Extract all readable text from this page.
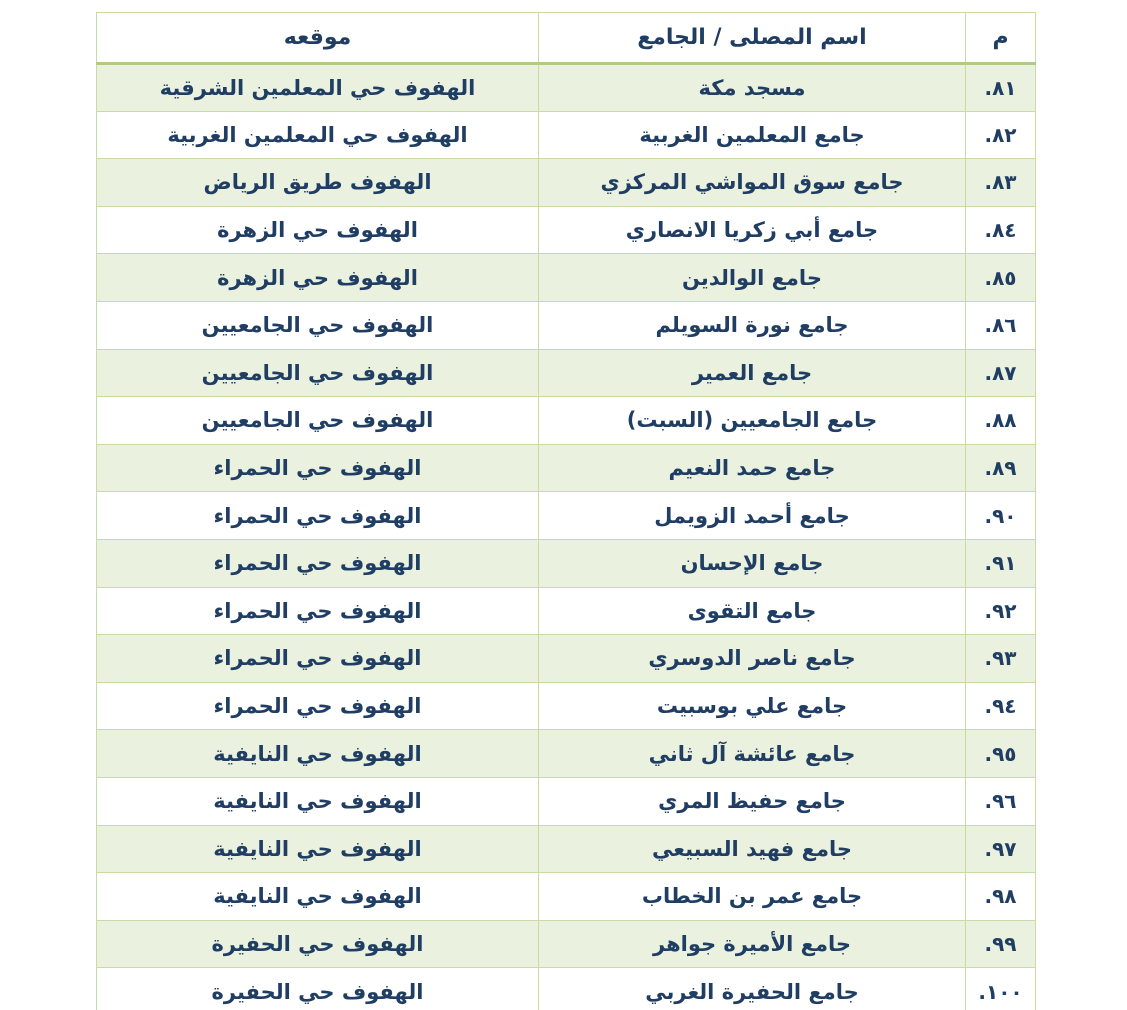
م	اسم المصلى / الجامع	موقعه
٨١.	مسجد مكة	الهفوف حي المعلمين الشرقية
٨٢.	جامع المعلمين الغربية	الهفوف حي المعلمين الغربية
٨٣.	جامع سوق المواشي المركزي	الهفوف طريق الرياض
٨٤.	جامع أبي زكريا الانصاري	الهفوف حي الزهرة
٨٥.	جامع الوالدين	الهفوف حي الزهرة
٨٦.	جامع نورة السويلم	الهفوف حي الجامعيين
٨٧.	جامع العمير	الهفوف حي الجامعيين
٨٨.	جامع الجامعيين (السبت)	الهفوف حي الجامعيين
٨٩.	جامع حمد النعيم	الهفوف حي الحمراء
٩٠.	جامع أحمد الزويمل	الهفوف حي الحمراء
٩١.	جامع الإحسان	الهفوف حي الحمراء
٩٢.	جامع التقوى	الهفوف حي الحمراء
٩٣.	جامع ناصر الدوسري	الهفوف حي الحمراء
٩٤.	جامع علي بوسبيت	الهفوف حي الحمراء
٩٥.	جامع عائشة آل ثاني	الهفوف حي النايفية
٩٦.	جامع حفيظ المري	الهفوف حي النايفية
٩٧.	جامع فهيد السبيعي	الهفوف حي النايفية
٩٨.	جامع عمر بن الخطاب	الهفوف حي النايفية
٩٩.	جامع الأميرة جواهر	الهفوف حي الحفيرة
١٠٠.	جامع الحفيرة الغربي	الهفوف حي الحفيرة
